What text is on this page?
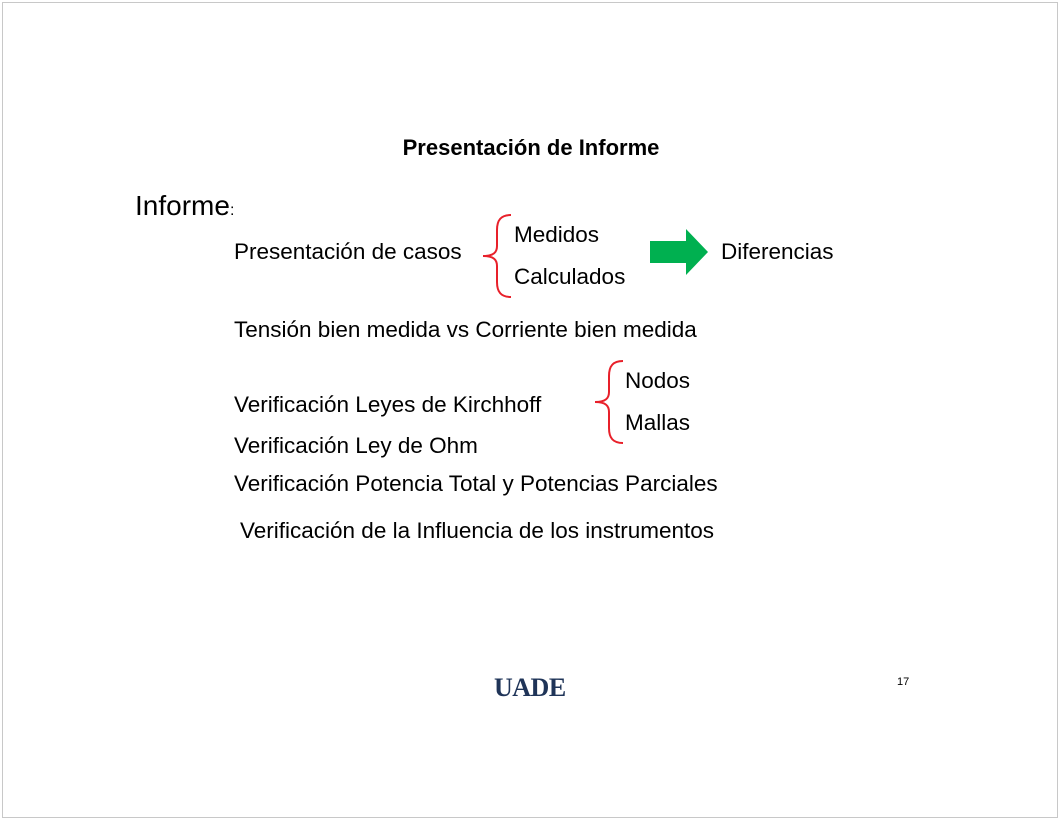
Presentación de Informe
Informe:
Presentación de casos
Medidos
Calculados
Diferencias
Tensión bien medida vs Corriente bien medida
Verificación Leyes de Kirchhoff
Nodos
Mallas
Verificación Ley de Ohm
Verificación Potencia Total y Potencias Parciales
Verificación de la Influencia de los instrumentos
UADE	17
